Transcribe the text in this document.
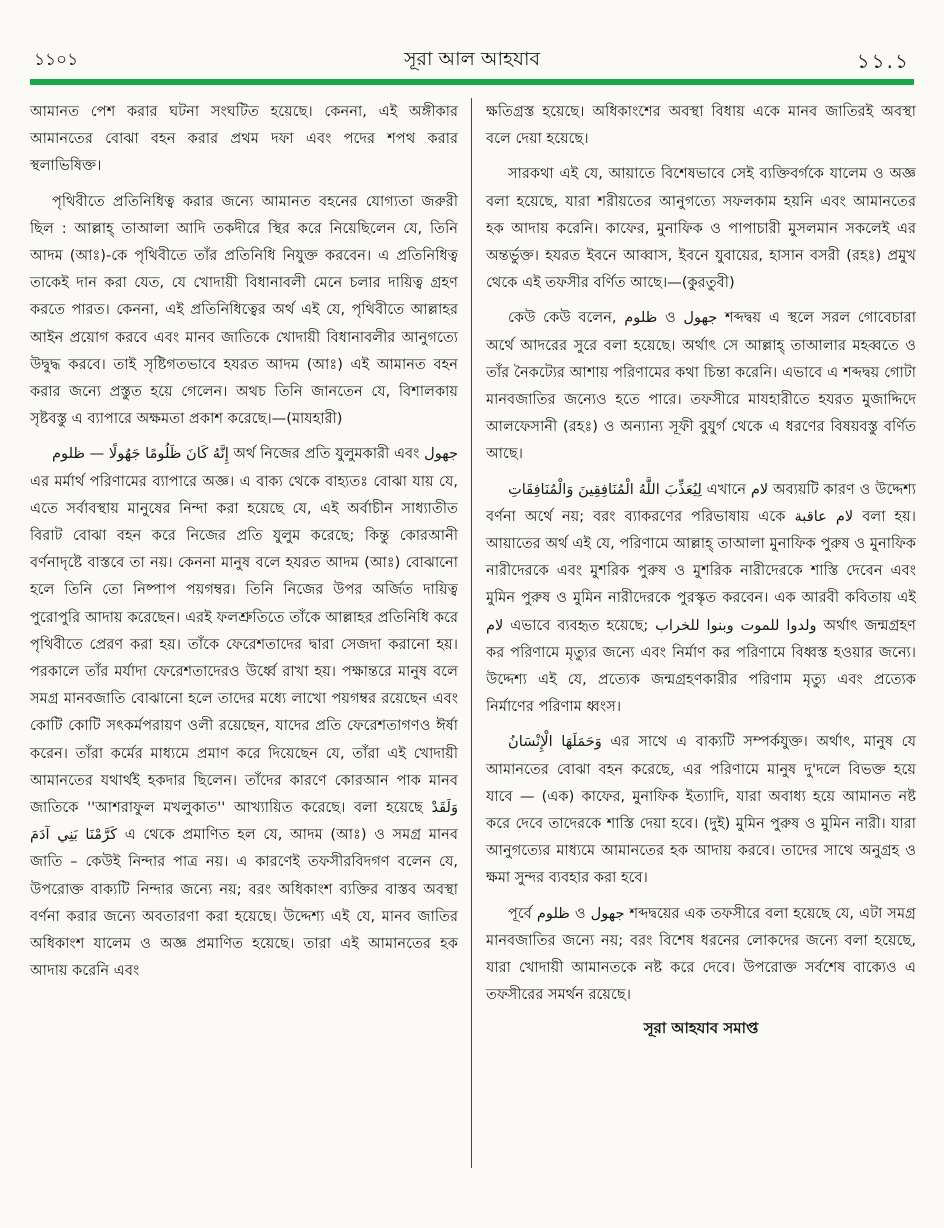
১১০১	সূরা আল আহযাব	১১.১

আমানত পেশ করার ঘটনা সংঘটিত হয়েছে। কেননা, এই অঙ্গীকার আমানতের বোঝা বহন করার প্রথম দফা এবং পদের শপথ করার স্থলাভিষিক্ত।

পৃথিবীতে প্রতিনিধিত্ব করার জন্যে আমানত বহনের যোগ্যতা জরুরী ছিল : আল্লাহ্ তাআলা আদি তকদীরে স্থির করে নিয়েছিলেন যে, তিনি আদম (আঃ)-কে পৃথিবীতে তাঁর প্রতিনিধি নিযুক্ত করবেন। এ প্রতিনিধিত্ব তাকেই দান করা যেত, যে খোদায়ী বিধানাবলী মেনে চলার দায়িত্ব গ্রহণ করতে পারত। কেননা, এই প্রতিনিধিত্বের অর্থ এই যে, পৃথিবীতে আল্লাহর আইন প্রয়োগ করবে এবং মানব জাতিকে খোদায়ী বিধানাবলীর আনুগত্যে উদ্বুদ্ধ করবে। তাই সৃষ্টিগতভাবে হযরত আদম (আঃ) এই আমানত বহন করার জন্যে প্রস্তুত হয়ে গেলেন। অথচ তিনি জানতেন যে, বিশালকায় সৃষ্টবস্তু এ ব্যাপারে অক্ষমতা প্রকাশ করেছে।—(মাযহারী)

إِنَّهُ كَانَ ظَلُومًا جَهُولًا — ظلوم অর্থ নিজের প্রতি যুলুমকারী এবং جهول এর মর্মার্থ পরিণামের ব্যাপারে অজ্ঞ। এ বাক্য থেকে বাহ্যতঃ বোঝা যায় যে, এতে সর্বাবস্থায় মানুষের নিন্দা করা হয়েছে যে, এই অর্বাচীন সাধ্যাতীত বিরাট বোঝা বহন করে নিজের প্রতি যুলুম করেছে; কিন্তু কোরআনী বর্ণনাদৃষ্টে বাস্তবে তা নয়। কেননা মানুষ বলে হযরত আদম (আঃ) বোঝানো হলে তিনি তো নিষ্পাপ পয়গম্বর। তিনি নিজের উপর অর্জিত দায়িত্ব পুরোপুরি আদায় করেছেন। এরই ফলশ্রুতিতে তাঁকে আল্লাহর প্রতিনিধি করে পৃথিবীতে প্রেরণ করা হয়। তাঁকে ফেরেশতাদের দ্বারা সেজদা করানো হয়। পরকালে তাঁর মর্যাদা ফেরেশতাদেরও উর্ধ্বে রাখা হয়। পক্ষান্তরে মানুষ বলে সমগ্র মানবজাতি বোঝানো হলে তাদের মধ্যে লাখো পয়গম্বর রয়েছেন এবং কোটি কোটি সৎকর্মপরায়ণ ওলী রয়েছেন, যাদের প্রতি ফেরেশতাগণও ঈর্ষা করেন। তাঁরা কর্মের মাধ্যমে প্রমাণ করে দিয়েছেন যে, তাঁরা এই খোদায়ী আমানতের যথার্থই হকদার ছিলেন। তাঁদের কারণে কোরআন পাক মানব জাতিকে ''আশরাফুল মখলুকাত'' আখ্যায়িত করেছে। বলা হয়েছে وَلَقَدْ كَرَّمْنَا بَنِي آدَمَ এ থেকে প্রমাণিত হল যে, আদম (আঃ) ও সমগ্র মানব জাতি – কেউই নিন্দার পাত্র নয়। এ কারণেই তফসীরবিদগণ বলেন যে, উপরোক্ত বাক্যটি নিন্দার জন্যে নয়; বরং অধিকাংশ ব্যক্তির বাস্তব অবস্থা বর্ণনা করার জন্যে অবতারণা করা হয়েছে। উদ্দেশ্য এই যে, মানব জাতির অধিকাংশ যালেম ও অজ্ঞ প্রমাণিত হয়েছে। তারা এই আমানতের হক আদায় করেনি এবং

ক্ষতিগ্রস্ত হয়েছে। অধিকাংশের অবস্থা বিধায় একে মানব জাতিরই অবস্থা বলে দেয়া হয়েছে।

সারকথা এই যে, আয়াতে বিশেষভাবে সেই ব্যক্তিবর্গকে যালেম ও অজ্ঞ বলা হয়েছে, যারা শরীয়তের আনুগত্যে সফলকাম হয়নি এবং আমানতের হক আদায় করেনি। কাফের, মুনাফিক ও পাপাচারী মুসলমান সকলেই এর অন্তর্ভুক্ত। হযরত ইবনে আব্বাস, ইবনে যুবায়ের, হাসান বসরী (রহঃ) প্রমুখ থেকে এই তফসীর বর্ণিত আছে।—(কুরতুবী)

কেউ কেউ বলেন, ظلوم ও جهول শব্দদ্বয় এ স্থলে সরল গোবেচারা অর্থে আদরের সুরে বলা হয়েছে। অর্থাৎ সে আল্লাহ্ তাআলার মহব্বতে ও তাঁর নৈকট্যের আশায় পরিণামের কথা চিন্তা করেনি। এভাবে এ শব্দদ্বয় গোটা মানবজাতির জন্যেও হতে পারে। তফসীরে মাযহারীতে হযরত মুজাদ্দিদে আলফেসানী (রহঃ) ও অন্যান্য সূফী বুযুর্গ থেকে এ ধরণের বিষয়বস্তু বর্ণিত আছে।

لِيُعَذِّبَ اللَّهُ الْمُنَافِقِينَ وَالْمُنَافِقَاتِ এখানে لام অব্যয়টি কারণ ও উদ্দেশ্য বর্ণনা অর্থে নয়; বরং ব্যাকরণের পরিভাষায় একে لام عاقبة বলা হয়। আয়াতের অর্থ এই যে, পরিণামে আল্লাহ্ তাআলা মুনাফিক পুরুষ ও মুনাফিক নারীদেরকে এবং মুশরিক পুরুষ ও মুশরিক নারীদেরকে শাস্তি দেবেন এবং মুমিন পুরুষ ও মুমিন নারীদেরকে পুরস্কৃত করবেন। এক আরবী কবিতায় এই لام এভাবে ব্যবহৃত হয়েছে; ولدوا للموت وبنوا للخراب অর্থাৎ জন্মগ্রহণ কর পরিণামে মৃত্যুর জন্যে এবং নির্মাণ কর পরিণামে বিধ্বস্ত হওয়ার জন্যে। উদ্দেশ্য এই যে, প্রত্যেক জন্মগ্রহণকারীর পরিণাম মৃত্যু এবং প্রত্যেক নির্মাণের পরিণাম ধ্বংস।

وَحَمَلَهَا الْإِنْسَانُ এর সাথে এ বাক্যটি সম্পর্কযুক্ত। অর্থাৎ, মানুষ যে আমানতের বোঝা বহন করেছে, এর পরিণামে মানুষ দু'দলে বিভক্ত হয়ে যাবে — (এক) কাফের, মুনাফিক ইত্যাদি, যারা অবাধ্য হয়ে আমানত নষ্ট করে দেবে তাদেরকে শাস্তি দেয়া হবে। (দুই) মুমিন পুরুষ ও মুমিন নারী। যারা আনুগত্যের মাধ্যমে আমানতের হক আদায় করবে। তাদের সাথে অনুগ্রহ ও ক্ষমা সুন্দর ব্যবহার করা হবে।

পূর্বে ظلوم ও جهول শব্দদ্বয়ের এক তফসীরে বলা হয়েছে যে, এটা সমগ্র মানবজাতির জন্যে নয়; বরং বিশেষ ধরনের লোকদের জন্যে বলা হয়েছে, যারা খোদায়ী আমানতকে নষ্ট করে দেবে। উপরোক্ত সর্বশেষ বাক্যেও এ তফসীরের সমর্থন রয়েছে।

সূরা আহযাব সমাপ্ত
